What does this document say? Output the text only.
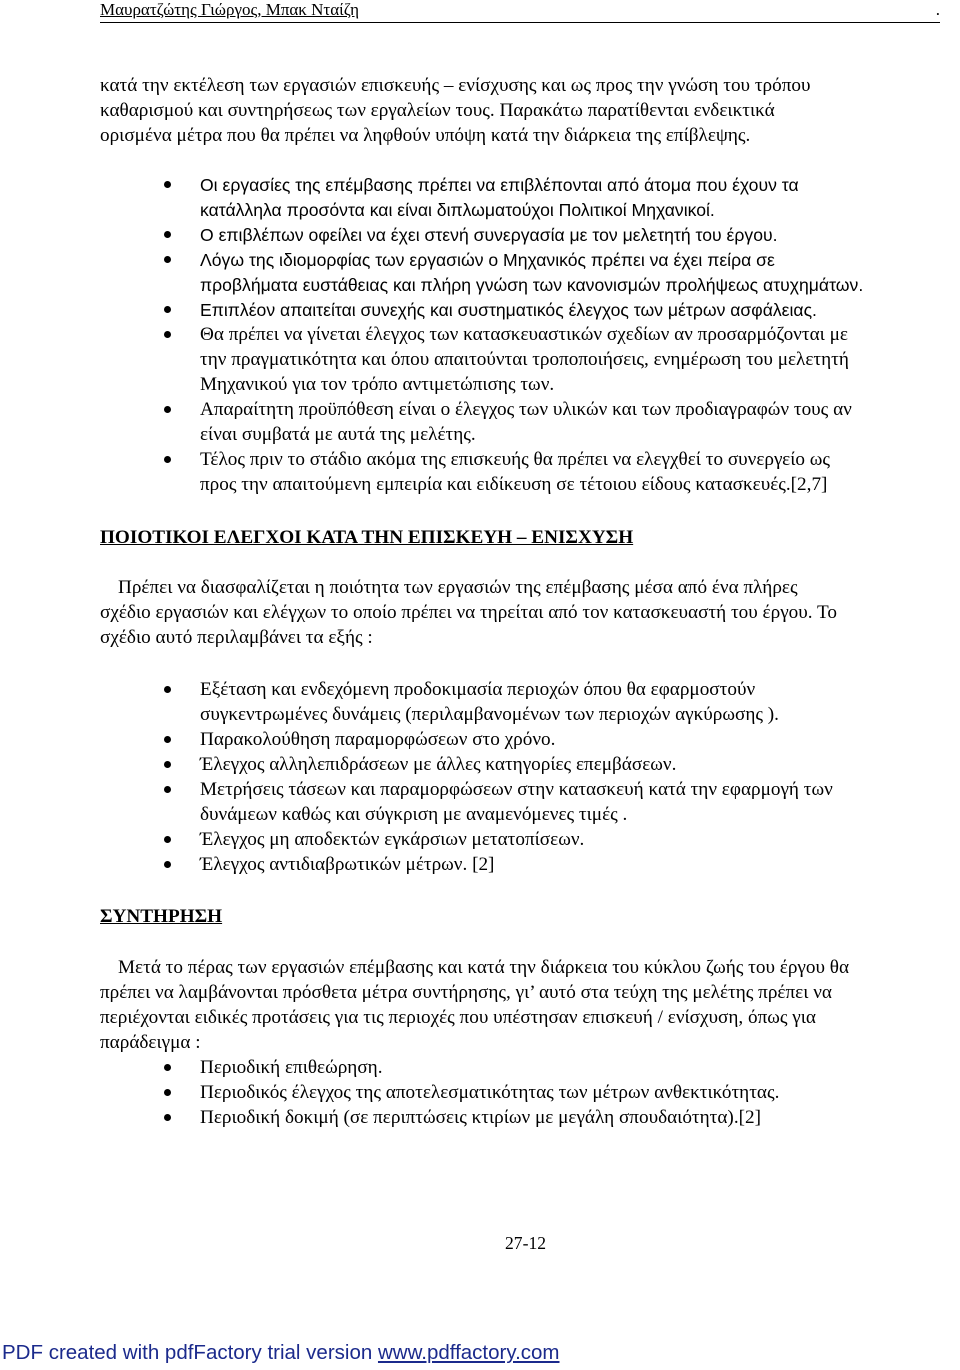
Μαυρατζώτης Γιώργος, Μπακ Νταίζη	.
κατά την εκτέλεση των εργασιών επισκευής – ενίσχυσης και ως προς την γνώση του τρόπου
καθαρισμού και συντηρήσεως των εργαλείων τους. Παρακάτω παρατίθενται ενδεικτικά
ορισμένα μέτρα που θα πρέπει να ληφθούν υπόψη κατά την διάρκεια της επίβλεψης.
Οι εργασίες της επέμβασης πρέπει να επιβλέπονται από άτομα που έχουν τα
κατάλληλα προσόντα και είναι διπλωματούχοι Πολιτικοί Μηχανικοί.
Ο επιβλέπων οφείλει να έχει στενή συνεργασία με τον μελετητή του έργου.
Λόγω της ιδιομορφίας των εργασιών ο Μηχανικός πρέπει να έχει πείρα σε
προβλήματα ευστάθειας και πλήρη γνώση των κανονισμών προλήψεως ατυχημάτων.
Επιπλέον απαιτείται συνεχής και συστηματικός έλεγχος των μέτρων ασφάλειας.
Θα πρέπει να γίνεται έλεγχος των κατασκευαστικών σχεδίων αν προσαρμόζονται με
την πραγματικότητα και όπου απαιτούνται τροποποιήσεις, ενημέρωση του μελετητή
Μηχανικού για τον τρόπο αντιμετώπισης των.
Απαραίτητη προϋπόθεση είναι ο έλεγχος των υλικών και των προδιαγραφών τους αν
είναι συμβατά με αυτά της μελέτης.
Τέλος πριν το στάδιο ακόμα της επισκευής θα πρέπει να ελεγχθεί το συνεργείο ως
προς την απαιτούμενη εμπειρία και ειδίκευση σε τέτοιου είδους κατασκευές.[2,7]
ΠΟΙΟΤΙΚΟΙ ΕΛΕΓΧΟΙ ΚΑΤΑ ΤΗΝ ΕΠΙΣΚΕΥΗ – ΕΝΙΣΧΥΣΗ
Πρέπει να διασφαλίζεται η ποιότητα των εργασιών της επέμβασης μέσα από ένα πλήρες
σχέδιο εργασιών και ελέγχων το οποίο πρέπει να τηρείται από τον κατασκευαστή του έργου. Το
σχέδιο αυτό περιλαμβάνει τα εξής :
Εξέταση και ενδεχόμενη προδοκιμασία περιοχών όπου θα εφαρμοστούν
συγκεντρωμένες δυνάμεις (περιλαμβανομένων των περιοχών αγκύρωσης ).
Παρακολούθηση παραμορφώσεων στο χρόνο.
Έλεγχος αλληλεπιδράσεων με άλλες κατηγορίες επεμβάσεων.
Μετρήσεις τάσεων και παραμορφώσεων στην κατασκευή κατά την εφαρμογή των
δυνάμεων καθώς και σύγκριση με αναμενόμενες τιμές .
Έλεγχος μη αποδεκτών εγκάρσιων μετατοπίσεων.
Έλεγχος αντιδιαβρωτικών μέτρων. [2]
ΣΥΝΤΗΡΗΣΗ
Μετά το πέρας των εργασιών επέμβασης και κατά την διάρκεια του κύκλου ζωής του έργου θα
πρέπει να λαμβάνονται πρόσθετα μέτρα συντήρησης, γι’ αυτό στα τεύχη της μελέτης πρέπει να
περιέχονται ειδικές προτάσεις για τις περιοχές που υπέστησαν επισκευή / ενίσχυση, όπως για
παράδειγμα :
Περιοδική επιθεώρηση.
Περιοδικός έλεγχος της αποτελεσματικότητας των μέτρων ανθεκτικότητας.
Περιοδική δοκιμή (σε περιπτώσεις κτιρίων με μεγάλη σπουδαιότητα).[2]
27-12
PDF created with pdfFactory trial version www.pdffactory.com
